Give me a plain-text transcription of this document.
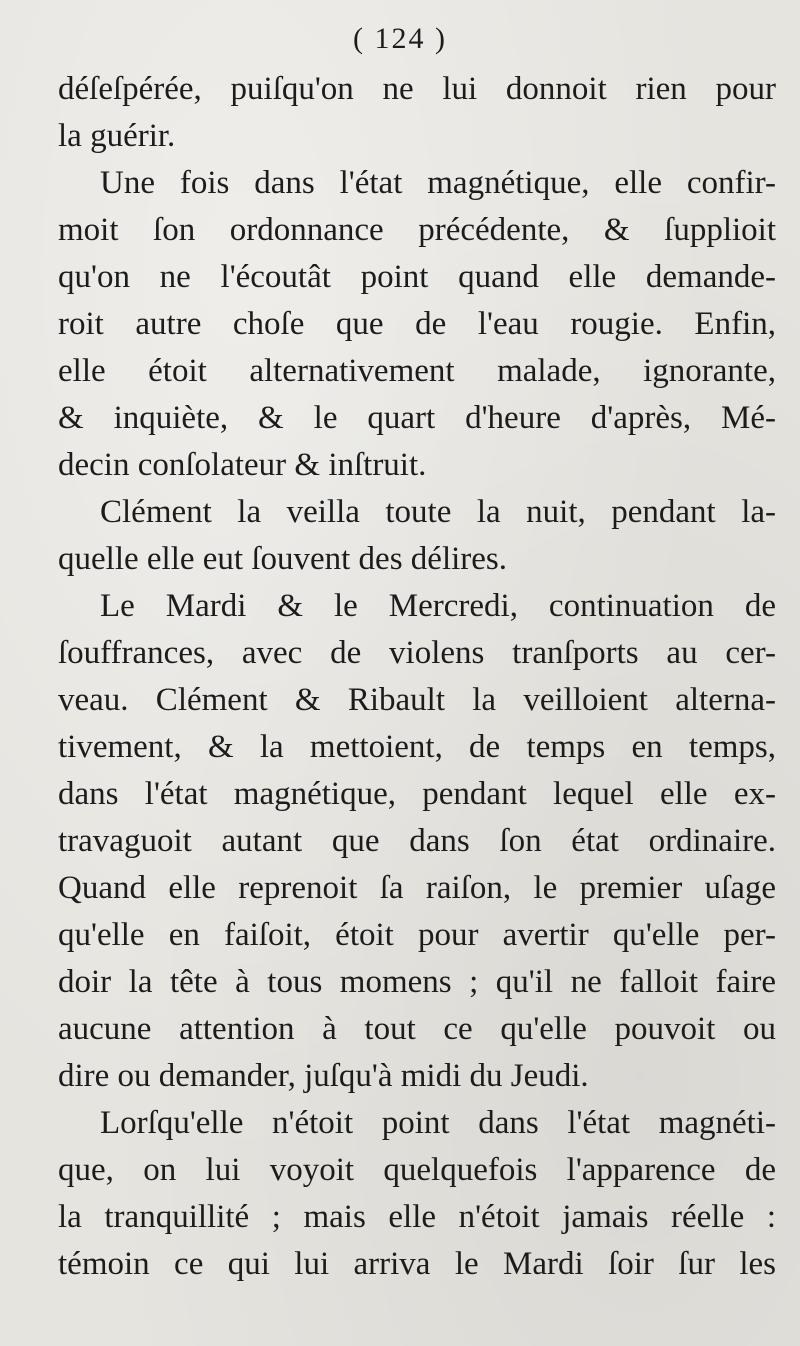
( 124 )
déſeſpérée, puiſqu'on ne lui donnoit rien pour
la guérir.
Une fois dans l'état magnétique, elle confir-
moit ſon ordonnance précédente, & ſupplioit
qu'on ne l'écoutât point quand elle demande-
roit autre choſe que de l'eau rougie. Enfin,
elle étoit alternativement malade, ignorante,
& inquiète, & le quart d'heure d'après, Mé-
decin conſolateur & inſtruit.
Clément la veilla toute la nuit, pendant la-
quelle elle eut ſouvent des délires.
Le Mardi & le Mercredi, continuation de
ſouffrances, avec de violens tranſports au cer-
veau. Clément & Ribault la veilloient alterna-
tivement, & la mettoient, de temps en temps,
dans l'état magnétique, pendant lequel elle ex-
travaguoit autant que dans ſon état ordinaire.
Quand elle reprenoit ſa raiſon, le premier uſage
qu'elle en faiſoit, étoit pour avertir qu'elle per-
doir la tête à tous momens ; qu'il ne falloit faire
aucune attention à tout ce qu'elle pouvoit ou
dire ou demander, juſqu'à midi du Jeudi.
Lorſqu'elle n'étoit point dans l'état magnéti-
que, on lui voyoit quelquefois l'apparence de
la tranquillité ; mais elle n'étoit jamais réelle :
témoin ce qui lui arriva le Mardi ſoir ſur les
